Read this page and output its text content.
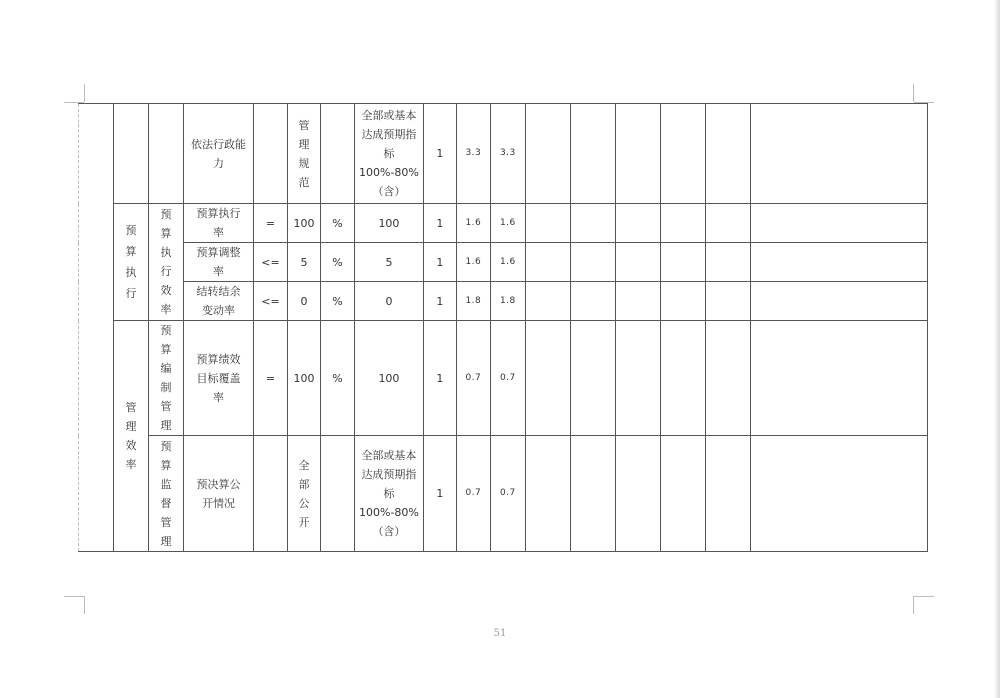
			依法行政能力		管理规范		全部或基本达成预期指标100%-80%（含）	1	3.3	3.3						
	预算执行	预算执行效率	预算执行率	=	100	%	100	1	1.6	1.6						

			预算调整率	<=	5	%	5	1	1.6	1.6						

			结转结余变动率	<=	0	%	0	1	1.8	1.8						
	管理效率	预算编制管理	预算绩效目标覆盖率	=	100	%	100	1	0.7	0.7						
		预算监督管理	预决算公开情况		全部公开		全部或基本达成预期指标100%-80%（含）	1	0.7	0.7						
51
